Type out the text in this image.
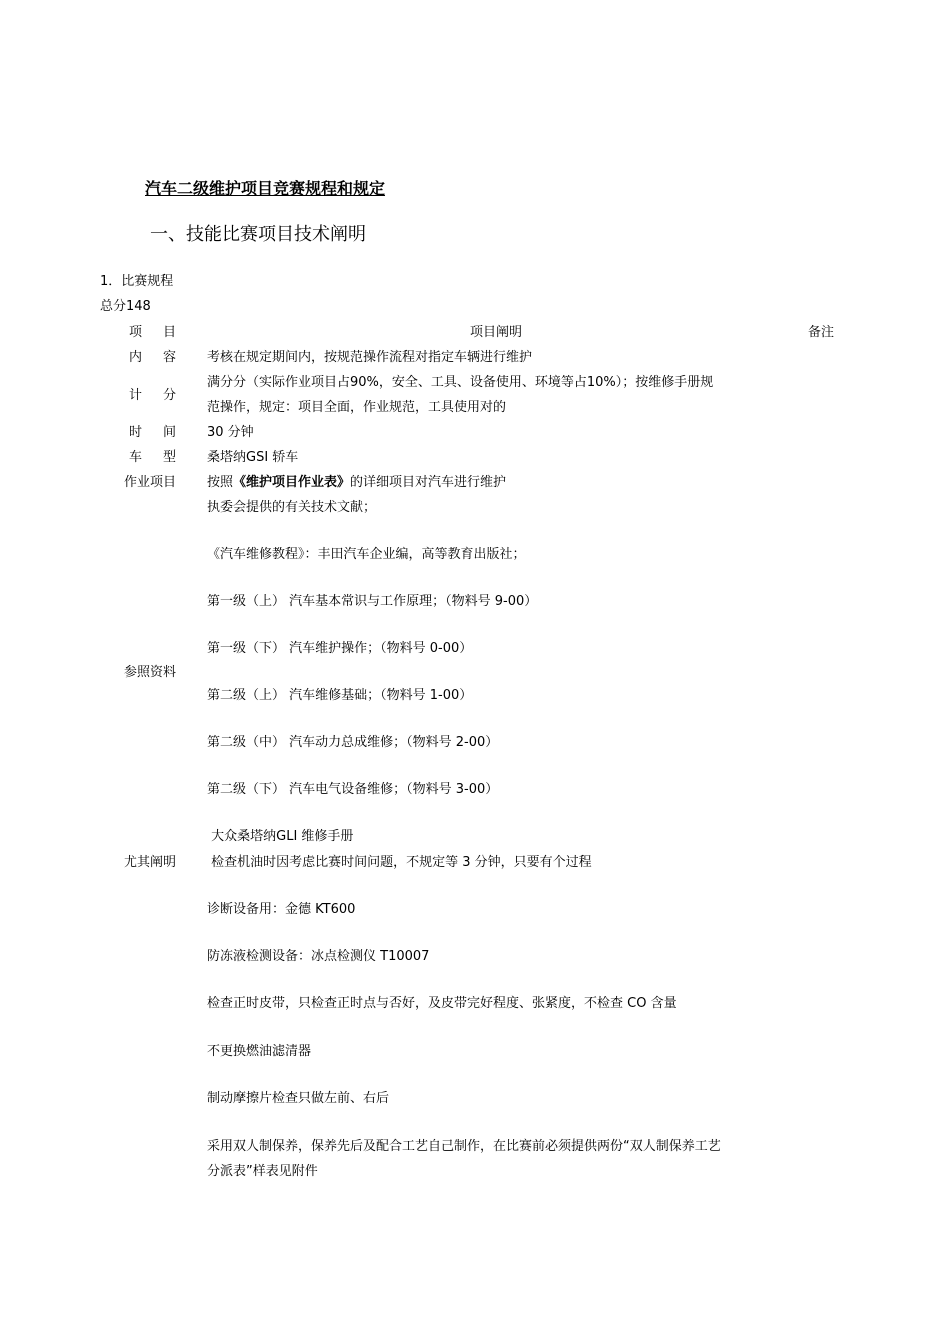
汽车二级维护项目竞赛规程和规定
一、技能比赛项目技术阐明
1．比赛规程
总分148
项 目	项目阐明	备注
内 容 考核在规定期间内，按规范操作流程对指定车辆进行维护
计 分
满分分（实际作业项目占90%，安全、工具、设备使用、环境等占10%）；按维修手册规
范操作，规定：项目全面，作业规范，工具使用对的
时 间 30 分钟
车 型 桑塔纳GSI 轿车
作业项目 按照《维护项目作业表》的详细项目对汽车进行维护
参照资料
执委会提供的有关技术文献；
《汽车维修教程》：丰田汽车企业编，高等教育出版社；
第一级（上） 汽车基本常识与工作原理；（物料号 9-00）
第一级（下） 汽车维护操作；（物料号 0-00）
第二级（上） 汽车维修基础；（物料号 1-00）
第二级（中） 汽车动力总成维修；（物料号 2-00）
第二级（下） 汽车电气设备维修；（物料号 3-00）
大众桑塔纳GLI 维修手册
尤其阐明 检查机油时因考虑比赛时间问题，不规定等 3 分钟，只要有个过程
诊断设备用：金德 KT600
防冻液检测设备：冰点检测仪 T10007
检查正时皮带，只检查正时点与否好，及皮带完好程度、张紧度，不检查 CO 含量
不更换燃油滤清器
制动摩擦片检查只做左前、右后
采用双人制保养，保养先后及配合工艺自己制作，在比赛前必须提供两份“双人制保养工艺
分派表”样表见附件
